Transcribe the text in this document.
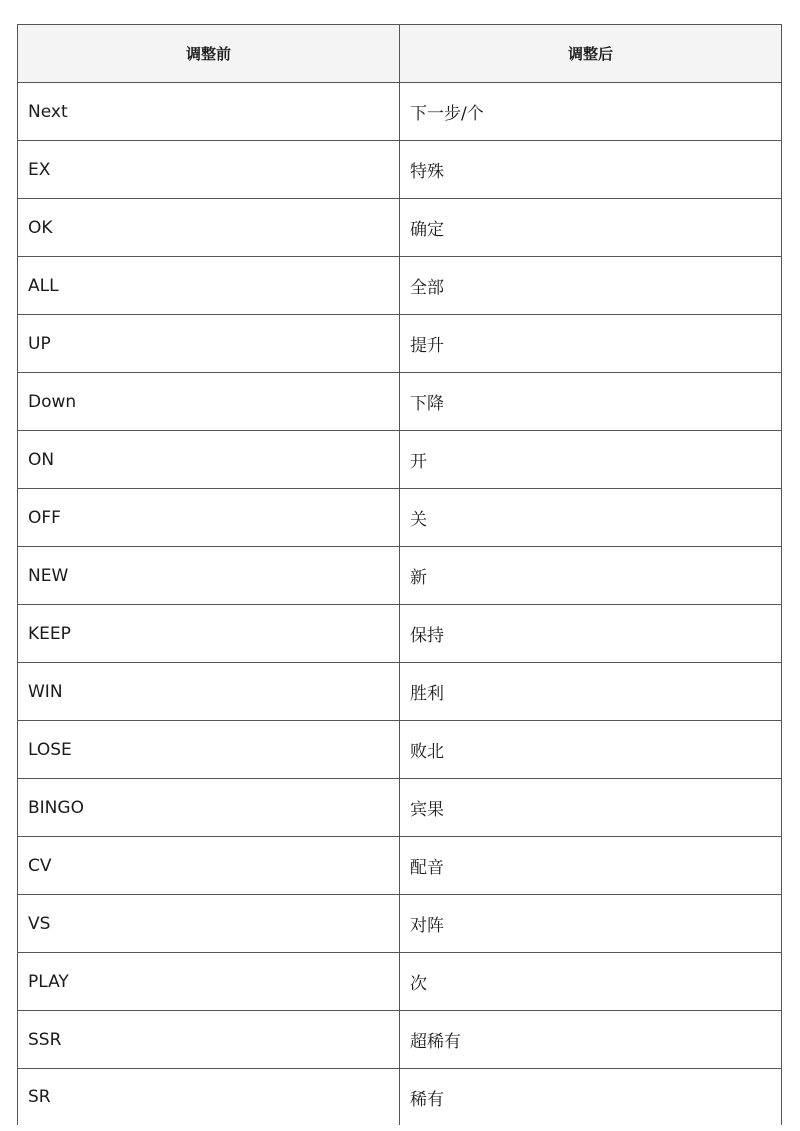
调整前	调整后
Next	下一步/个
EX	特殊
OK	确定
ALL	全部
UP	提升
Down	下降
ON	开
OFF	关
NEW	新
KEEP	保持
WIN	胜利
LOSE	败北
BINGO	宾果
CV	配音
VS	对阵
PLAY	次
SSR	超稀有
SR	稀有
